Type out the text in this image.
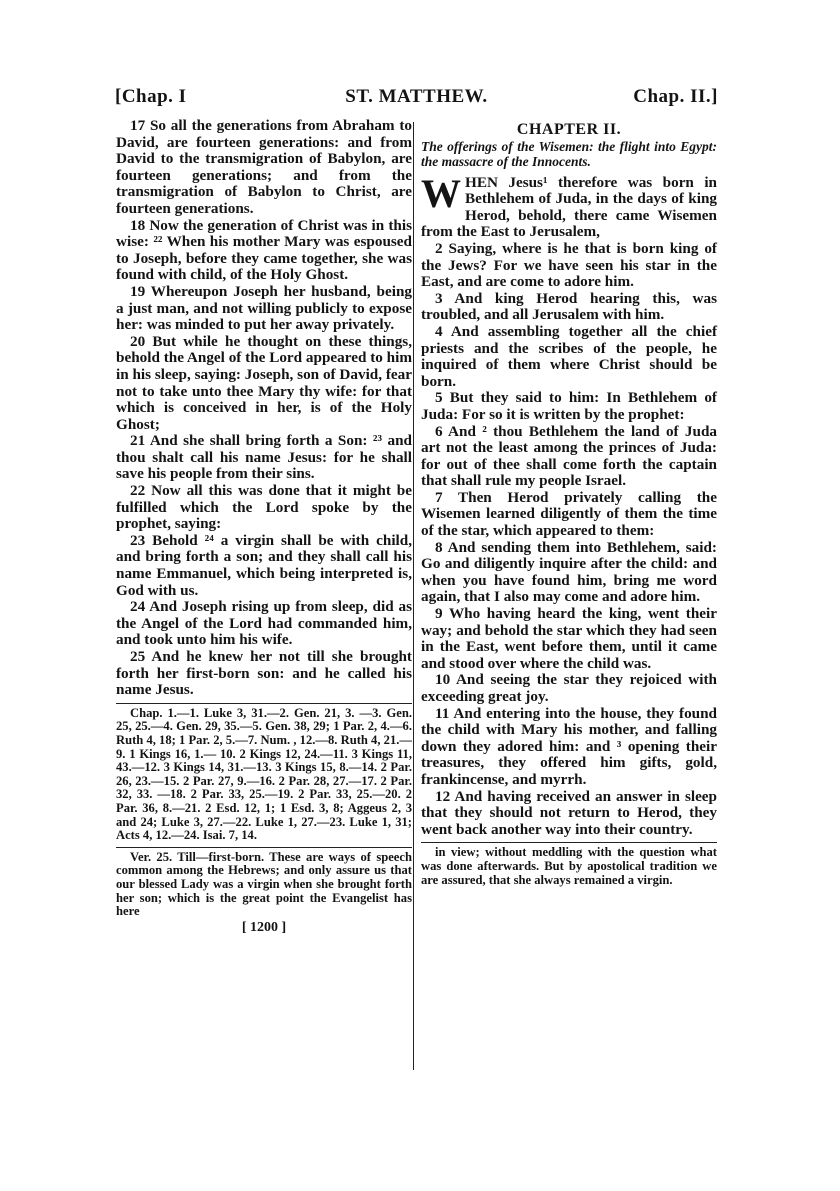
[Chap. I	ST. MATTHEW.	Chap. II.]

17 So all the generations from Abraham to David, are fourteen generations: and from David to the transmigration of Babylon, are fourteen generations; and from the transmigration of Babylon to Christ, are fourteen generations.

18 Now the generation of Christ was in this wise: ²² When his mother Mary was espoused to Joseph, before they came together, she was found with child, of the Holy Ghost.

19 Whereupon Joseph her husband, being a just man, and not willing publicly to expose her: was minded to put her away privately.

20 But while he thought on these things, behold the Angel of the Lord appeared to him in his sleep, saying: Joseph, son of David, fear not to take unto thee Mary thy wife: for that which is conceived in her, is of the Holy Ghost;

21 And she shall bring forth a Son: ²³ and thou shalt call his name Jesus: for he shall save his people from their sins.

22 Now all this was done that it might be fulfilled which the Lord spoke by the prophet, saying:

23 Behold ²⁴ a virgin shall be with child, and bring forth a son; and they shall call his name Emmanuel, which being interpreted is, God with us.

24 And Joseph rising up from sleep, did as the Angel of the Lord had commanded him, and took unto him his wife.

25 And he knew her not till she brought forth her first-born son: and he called his name Jesus.

Chap. 1.—1. Luke 3, 31.—2. Gen. 21, 3. —3. Gen. 25, 25.—4. Gen. 29, 35.—5. Gen. 38, 29; 1 Par. 2, 4.—6. Ruth 4, 18; 1 Par. 2, 5.—7. Num. , 12.—8. Ruth 4, 21.—9. 1 Kings 16, 1.— 10. 2 Kings 12, 24.—11. 3 Kings 11, 43.—12. 3 Kings 14, 31.—13. 3 Kings 15, 8.—14. 2 Par. 26, 23.—15. 2 Par. 27, 9.—16. 2 Par. 28, 27.—17. 2 Par. 32, 33. —18. 2 Par. 33, 25.—19. 2 Par. 33, 25.—20. 2 Par. 36, 8.—21. 2 Esd. 12, 1; 1 Esd. 3, 8; Aggeus 2, 3 and 24; Luke 3, 27.—22. Luke 1, 27.—23. Luke 1, 31; Acts 4, 12.—24. Isai. 7, 14.

Ver. 25. Till—first-born. These are ways of speech common among the Hebrews; and only assure us that our blessed Lady was a virgin when she brought forth her son; which is the great point the Evangelist has here

[ 1200 ]
CHAPTER II.

The offerings of the Wisemen: the flight into Egypt: the massacre of the Innocents.

WHEN Jesus¹ therefore was born in Bethlehem of Juda, in the days of king Herod, behold, there came Wisemen from the East to Jerusalem,

2 Saying, where is he that is born king of the Jews? For we have seen his star in the East, and are come to adore him.

3 And king Herod hearing this, was troubled, and all Jerusalem with him.

4 And assembling together all the chief priests and the scribes of the people, he inquired of them where Christ should be born.

5 But they said to him: In Bethlehem of Juda: For so it is written by the prophet:

6 And ² thou Bethlehem the land of Juda art not the least among the princes of Juda: for out of thee shall come forth the captain that shall rule my people Israel.

7 Then Herod privately calling the Wisemen learned diligently of them the time of the star, which appeared to them:

8 And sending them into Bethlehem, said: Go and diligently inquire after the child: and when you have found him, bring me word again, that I also may come and adore him.

9 Who having heard the king, went their way; and behold the star which they had seen in the East, went before them, until it came and stood over where the child was.

10 And seeing the star they rejoiced with exceeding great joy.

11 And entering into the house, they found the child with Mary his mother, and falling down they adored him: and ³ opening their treasures, they offered him gifts, gold, frankincense, and myrrh.

12 And having received an answer in sleep that they should not return to Herod, they went back another way into their country.

in view; without meddling with the question what was done afterwards. But by apostolical tradition we are assured, that she always remained a virgin.
